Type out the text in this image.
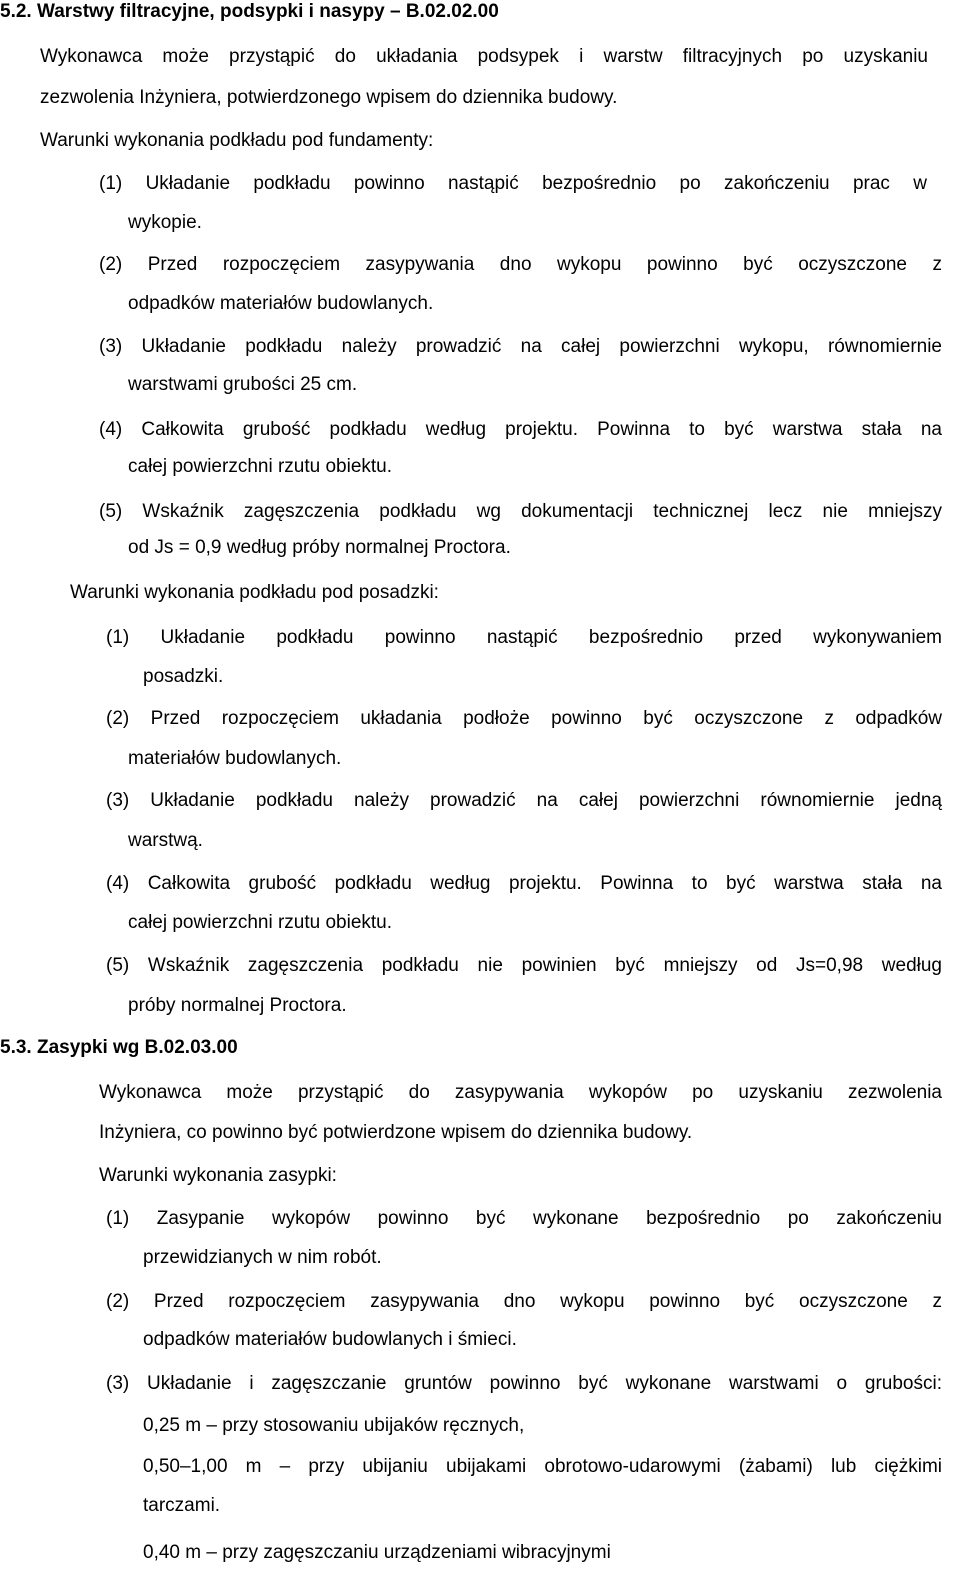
5.2. Warstwy filtracyjne, podsypki i nasypy – B.02.02.00
Wykonawca może przystąpić do układania podsypek i warstw filtracyjnych po uzyskaniu
zezwolenia Inżyniera, potwierdzonego wpisem do dziennika budowy.
Warunki wykonania podkładu pod fundamenty:
(1) Układanie podkładu powinno nastąpić bezpośrednio po zakończeniu prac w
wykopie.
(2) Przed rozpoczęciem zasypywania dno wykopu powinno być oczyszczone z
odpadków materiałów budowlanych.
(3) Układanie podkładu należy prowadzić na całej powierzchni wykopu, równomiernie
warstwami grubości 25 cm.
(4) Całkowita grubość podkładu według projektu. Powinna to być warstwa stała na
całej powierzchni rzutu obiektu.
(5) Wskaźnik zagęszczenia podkładu wg dokumentacji technicznej lecz nie mniejszy
od Js = 0,9 według próby normalnej Proctora.
Warunki wykonania podkładu pod posadzki:
(1) Układanie podkładu powinno nastąpić bezpośrednio przed wykonywaniem
posadzki.
(2) Przed rozpoczęciem układania podłoże powinno być oczyszczone z odpadków
materiałów budowlanych.
(3) Układanie podkładu należy prowadzić na całej powierzchni równomiernie jedną
warstwą.
(4) Całkowita grubość podkładu według projektu. Powinna to być warstwa stała na
całej powierzchni rzutu obiektu.
(5) Wskaźnik zagęszczenia podkładu nie powinien być mniejszy od Js=0,98 według
próby normalnej Proctora.
5.3. Zasypki wg B.02.03.00
Wykonawca może przystąpić do zasypywania wykopów po uzyskaniu zezwolenia
Inżyniera, co powinno być potwierdzone wpisem do dziennika budowy.
Warunki wykonania zasypki:
(1) Zasypanie wykopów powinno być wykonane bezpośrednio po zakończeniu
przewidzianych w nim robót.
(2) Przed rozpoczęciem zasypywania dno wykopu powinno być oczyszczone z
odpadków materiałów budowlanych i śmieci.
(3) Układanie i zagęszczanie gruntów powinno być wykonane warstwami o grubości:
0,25 m – przy stosowaniu ubijaków ręcznych,
0,50–1,00 m – przy ubijaniu ubijakami obrotowo-udarowymi (żabami) lub ciężkimi
tarczami.
0,40 m – przy zagęszczaniu urządzeniami wibracyjnymi
